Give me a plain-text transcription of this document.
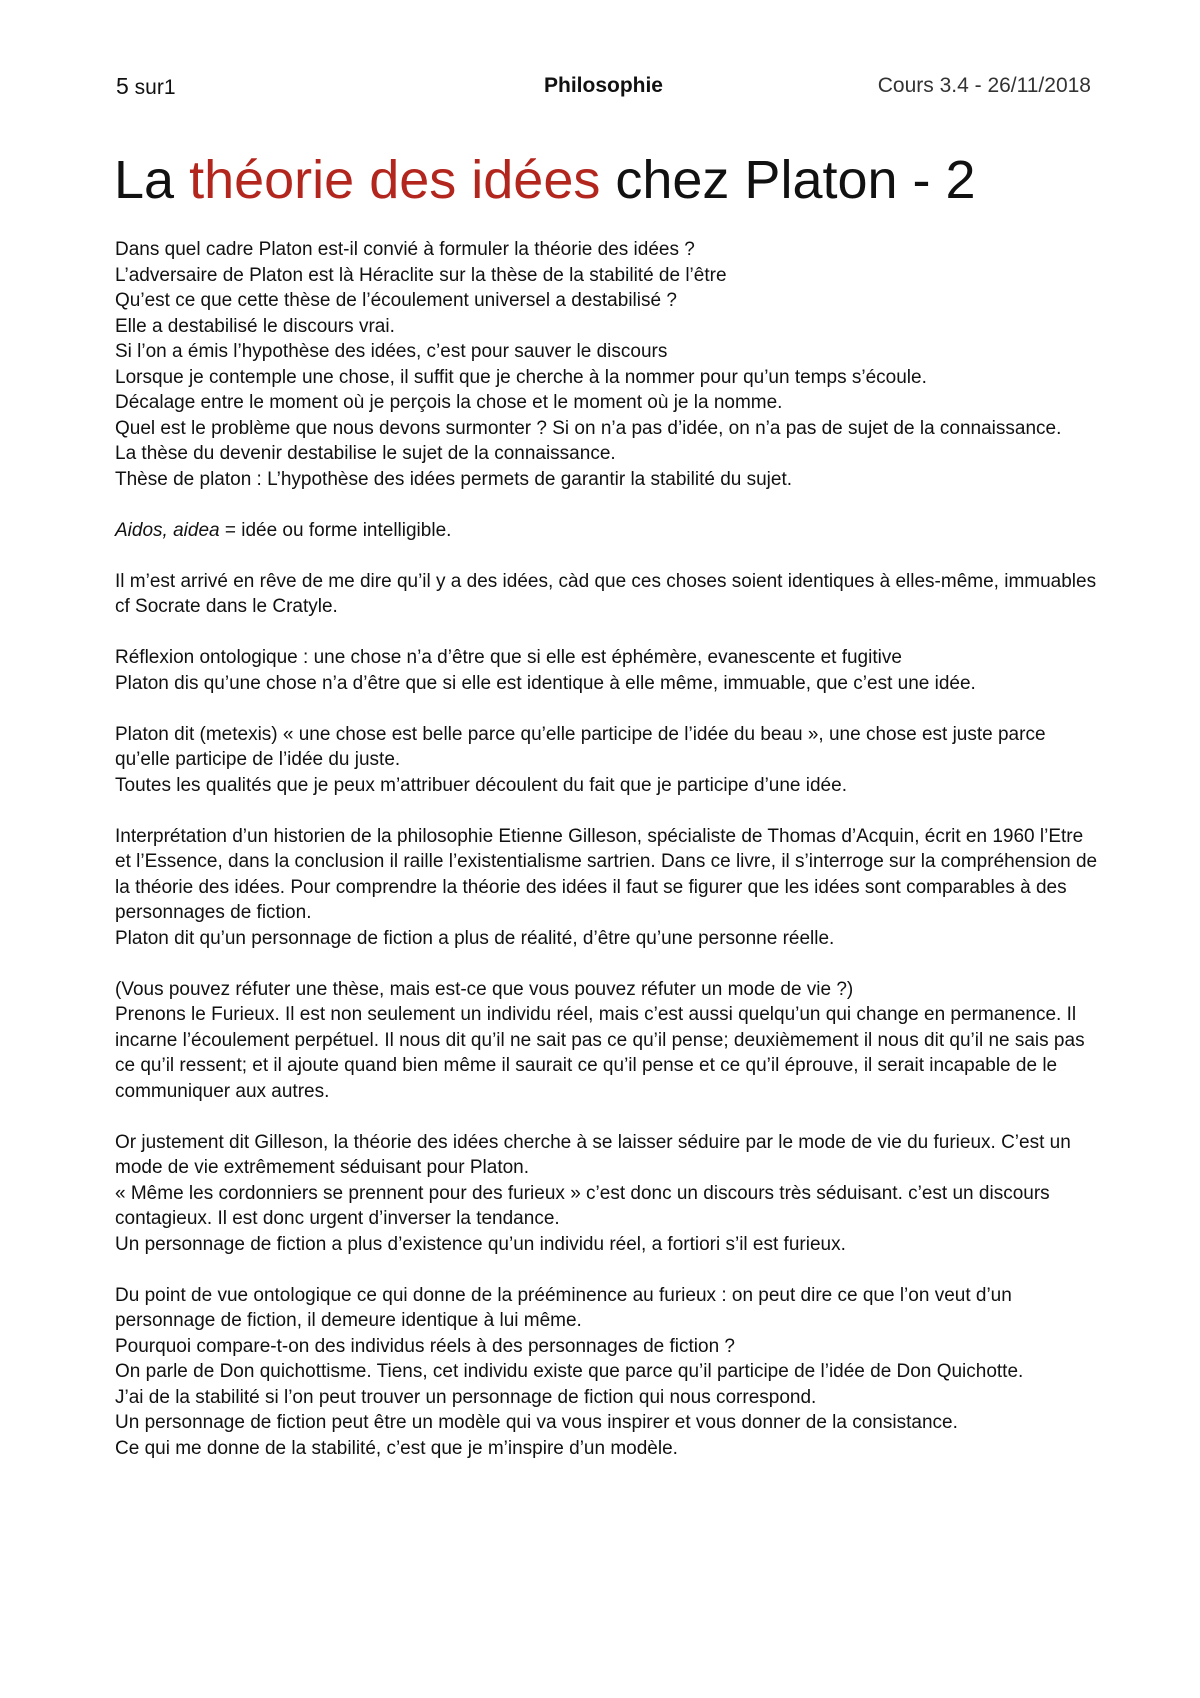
5 sur1	Philosophie	Cours 3.4 - 26/11/2018
La théorie des idées chez Platon - 2

Dans quel cadre Platon est-il convié à formuler la théorie des idées ?
L’adversaire de Platon est là Héraclite sur la thèse de la stabilité de l’être
Qu’est ce que cette thèse de l’écoulement universel a destabilisé ?
Elle a destabilisé le discours vrai.
Si l’on a émis l’hypothèse des idées, c’est pour sauver le discours
Lorsque je contemple une chose, il suffit que je cherche à la nommer pour qu’un temps s’écoule.
Décalage entre le moment où je perçois la chose et le moment où je la nomme.
Quel est le problème que nous devons surmonter ? Si on n’a pas d’idée, on n’a pas de sujet de la connaissance.
La thèse du devenir destabilise le sujet de la connaissance.
Thèse de platon : L’hypothèse des idées permets de garantir la stabilité du sujet.

Aidos, aidea = idée ou forme intelligible.

Il m’est arrivé en rêve de me dire qu’il y a des idées, càd que ces choses soient identiques à elles-même, immuables cf Socrate dans le Cratyle.

Réflexion ontologique : une chose n’a d’être que si elle est éphémère, evanescente et fugitive
Platon dis qu’une chose n’a d’être que si elle est identique à elle même, immuable, que c’est une idée.

Platon dit (metexis) « une chose est belle parce qu’elle participe de l’idée du beau », une chose est juste parce qu’elle participe de l’idée du juste.
Toutes les qualités que je peux m’attribuer découlent du fait que je participe d’une idée.

Interprétation d’un historien de la philosophie Etienne Gilleson, spécialiste de Thomas d’Acquin, écrit en 1960 l’Etre et l’Essence, dans la conclusion il raille l’existentialisme sartrien. Dans ce livre, il s’interroge sur la compréhension de la théorie des idées. Pour comprendre la théorie des idées il faut se figurer que les idées sont comparables à des personnages de fiction.
Platon dit qu’un personnage de fiction a plus de réalité, d’être qu’une personne réelle.

(Vous pouvez réfuter une thèse, mais est-ce que vous pouvez réfuter un mode de vie ?)
Prenons le Furieux. Il est non seulement un individu réel, mais c’est aussi quelqu’un qui change en permanence. Il incarne l’écoulement perpétuel. Il nous dit qu’il ne sait pas ce qu’il pense; deuxièmement il nous dit qu’il ne sais pas ce qu’il ressent; et il ajoute quand bien même il saurait ce qu’il pense et ce qu’il éprouve, il serait incapable de le communiquer aux autres.

Or justement dit Gilleson, la théorie des idées cherche à se laisser séduire par le mode de vie du furieux. C’est un mode de vie extrêmement séduisant pour Platon.
« Même les cordonniers se prennent pour des furieux » c’est donc un discours très séduisant. c’est un discours contagieux. Il est donc urgent d’inverser la tendance.
Un personnage de fiction a plus d’existence qu’un individu réel, a fortiori s’il est furieux.

Du point de vue ontologique ce qui donne de la prééminence au furieux : on peut dire ce que l’on veut d’un personnage de fiction, il demeure identique à lui même.
Pourquoi compare-t-on des individus réels à des personnages de fiction ?
On parle de Don quichottisme. Tiens, cet individu existe que parce qu’il participe de l’idée de Don Quichotte.
J’ai de la stabilité si l’on peut trouver un personnage de fiction qui nous correspond.
Un personnage de fiction peut être un modèle qui va vous inspirer et vous donner de la consistance.
Ce qui me donne de la stabilité, c’est que je m’inspire d’un modèle.
